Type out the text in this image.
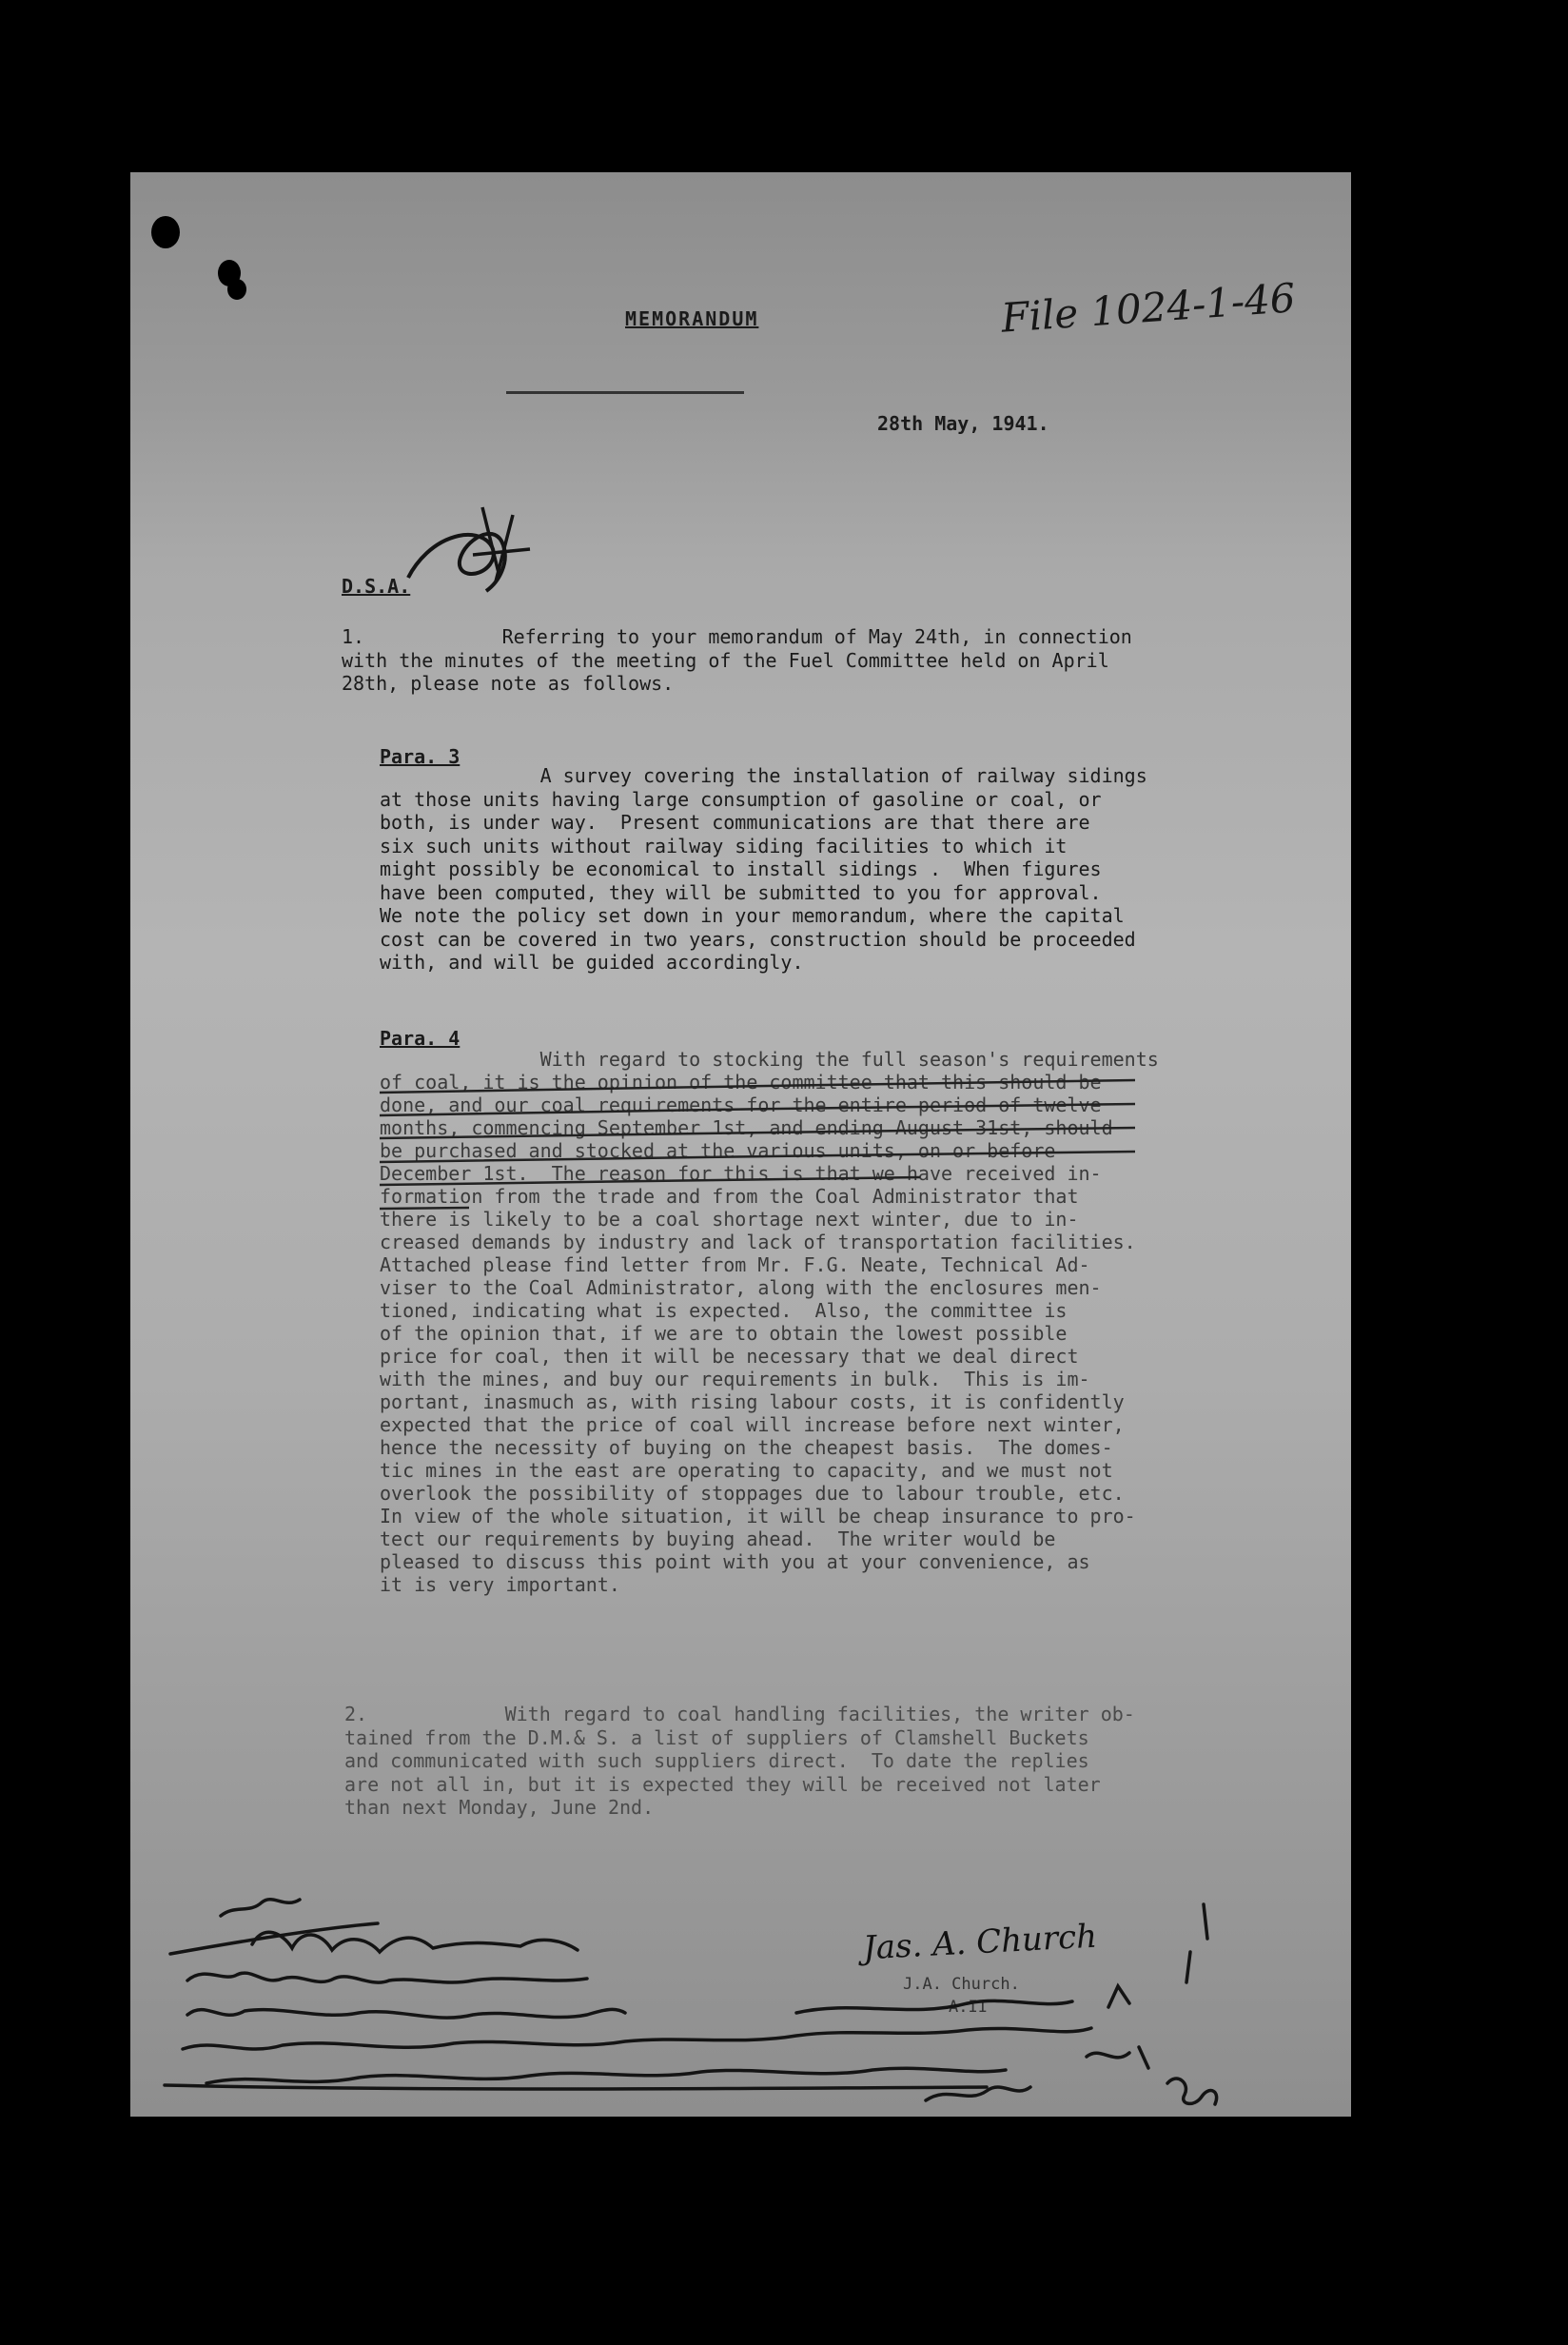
MEMORANDUM	File 1024-1-46

28th May, 1941.

D.S.A.

1.            Referring to your memorandum of May 24th, in connection
with the minutes of the meeting of the Fuel Committee held on April
28th, please note as follows.

Para. 3

A survey covering the installation of railway sidings
at those units having large consumption of gasoline or coal, or
both, is under way.  Present communications are that there are
six such units without railway siding facilities to which it
might possibly be economical to install sidings .  When figures
have been computed, they will be submitted to you for approval.
We note the policy set down in your memorandum, where the capital
cost can be covered in two years, construction should be proceeded
with, and will be guided accordingly.

Para. 4

With regard to stocking the full season's requirements
of coal, it is the opinion of the committee that this should be
done, and our coal requirements for the entire period of twelve
months, commencing September 1st, and ending August 31st, should
be purchased and stocked at the various units, on or before
December 1st.  The reason for this is that we have received in-
formation from the trade and from the Coal Administrator that
there is likely to be a coal shortage next winter, due to in-
creased demands by industry and lack of transportation facilities.
Attached please find letter from Mr. F.G. Neate, Technical Ad-
viser to the Coal Administrator, along with the enclosures men-
tioned, indicating what is expected.  Also, the committee is
of the opinion that, if we are to obtain the lowest possible
price for coal, then it will be necessary that we deal direct
with the mines, and buy our requirements in bulk.  This is im-
portant, inasmuch as, with rising labour costs, it is confidently
expected that the price of coal will increase before next winter,
hence the necessity of buying on the cheapest basis.  The domes-
tic mines in the east are operating to capacity, and we must not
overlook the possibility of stoppages due to labour trouble, etc.
In view of the whole situation, it will be cheap insurance to pro-
tect our requirements by buying ahead.  The writer would be
pleased to discuss this point with you at your convenience, as
it is very important.

2.            With regard to coal handling facilities, the writer ob-
tained from the D.M.& S. a list of suppliers of Clamshell Buckets
and communicated with such suppliers direct.  To date the replies
are not all in, but it is expected they will be received not later
than next Monday, June 2nd.

Jas. A. Church

J.A. Church.

A.II
